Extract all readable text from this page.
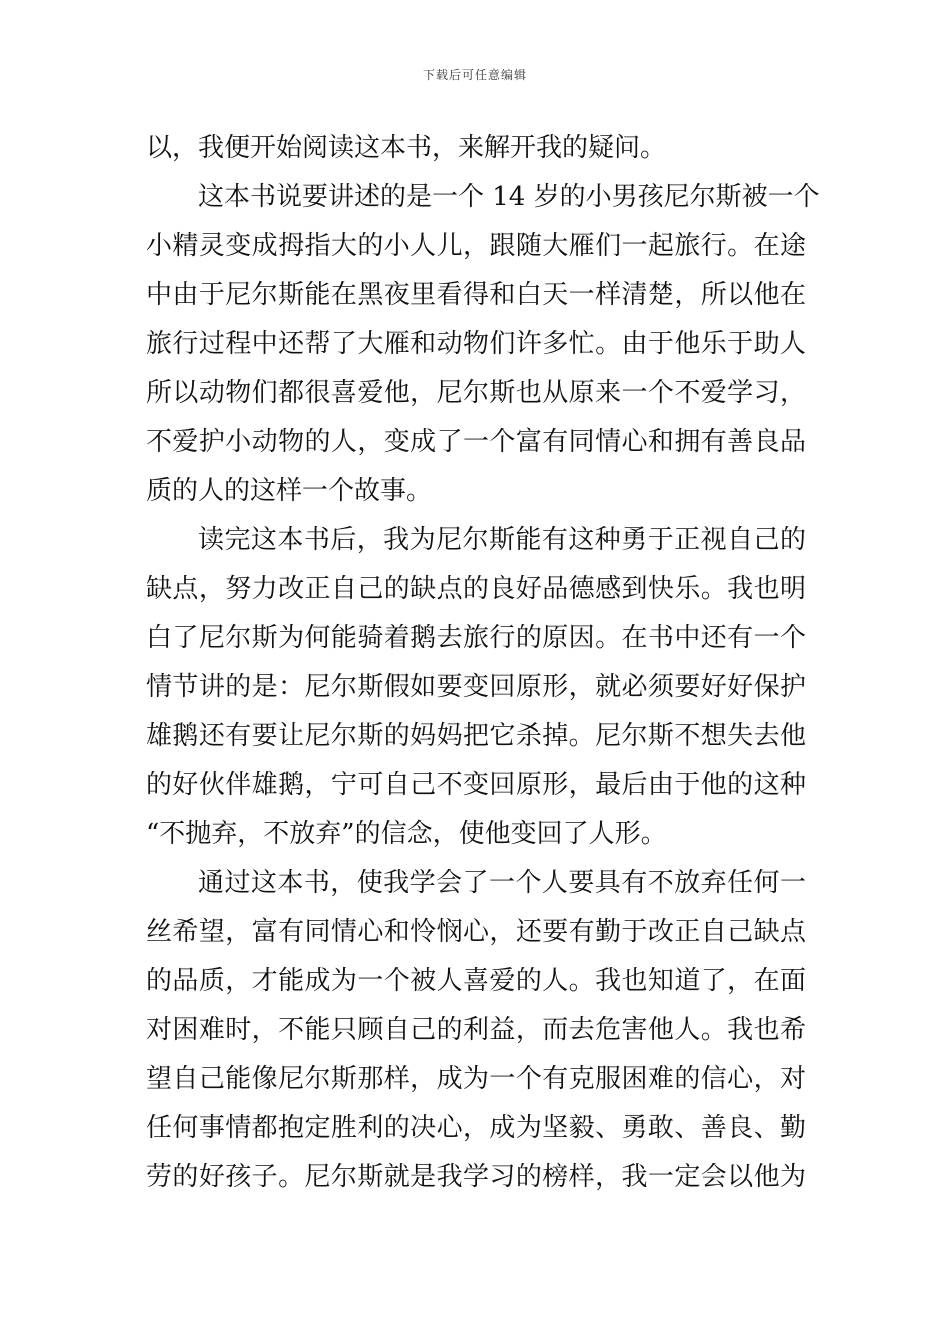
下载后可任意编辑
以，我便开始阅读这本书，来解开我的疑问。
这本书说要讲述的是一个 14 岁的小男孩尼尔斯被一个
小精灵变成拇指大的小人儿，跟随大雁们一起旅行。在途
中由于尼尔斯能在黑夜里看得和白天一样清楚，所以他在
旅行过程中还帮了大雁和动物们许多忙。由于他乐于助人
所以动物们都很喜爱他，尼尔斯也从原来一个不爱学习，
不爱护小动物的人，变成了一个富有同情心和拥有善良品
质的人的这样一个故事。
读完这本书后，我为尼尔斯能有这种勇于正视自己的
缺点，努力改正自己的缺点的良好品德感到快乐。我也明
白了尼尔斯为何能骑着鹅去旅行的原因。在书中还有一个
情节讲的是：尼尔斯假如要变回原形，就必须要好好保护
雄鹅还有要让尼尔斯的妈妈把它杀掉。尼尔斯不想失去他
的好伙伴雄鹅，宁可自己不变回原形，最后由于他的这种
“不抛弃，不放弃”的信念，使他变回了人形。
通过这本书，使我学会了一个人要具有不放弃任何一
丝希望，富有同情心和怜悯心，还要有勤于改正自己缺点
的品质，才能成为一个被人喜爱的人。我也知道了，在面
对困难时，不能只顾自己的利益，而去危害他人。我也希
望自己能像尼尔斯那样，成为一个有克服困难的信心，对
任何事情都抱定胜利的决心，成为坚毅、勇敢、善良、勤
劳的好孩子。尼尔斯就是我学习的榜样，我一定会以他为
